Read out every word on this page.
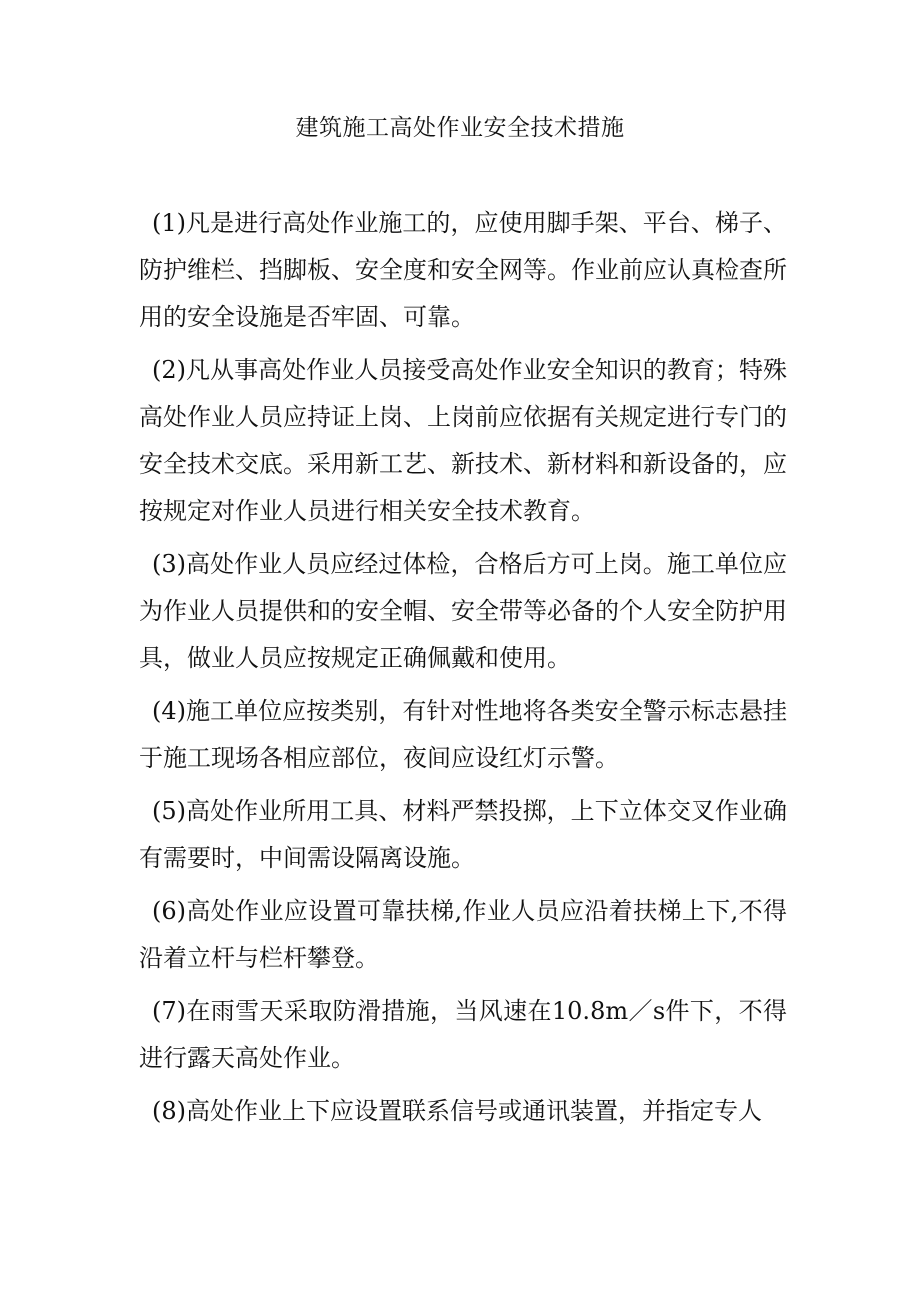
建筑施工高处作业安全技术措施

(1)凡是进行高处作业施工的，应使用脚手架、平台、梯子、防护维栏、挡脚板、安全度和安全网等。作业前应认真检查所用的安全设施是否牢固、可靠。

(2)凡从事高处作业人员接受高处作业安全知识的教育；特殊高处作业人员应持证上岗、上岗前应依据有关规定进行专门的安全技术交底。采用新工艺、新技术、新材料和新设备的，应按规定对作业人员进行相关安全技术教育。

(3)高处作业人员应经过体检，合格后方可上岗。施工单位应为作业人员提供和的安全帽、安全带等必备的个人安全防护用具，做业人员应按规定正确佩戴和使用。

(4)施工单位应按类别，有针对性地将各类安全警示标志悬挂于施工现场各相应部位，夜间应设红灯示警。

(5)高处作业所用工具、材料严禁投掷，上下立体交叉作业确有需要时，中间需设隔离设施。

(6)高处作业应设置可靠扶梯,作业人员应沿着扶梯上下,不得沿着立杆与栏杆攀登。

(7)在雨雪天采取防滑措施，当风速在10.8m／s件下，不得进行露天高处作业。

(8)高处作业上下应设置联系信号或通讯装置，并指定专人
